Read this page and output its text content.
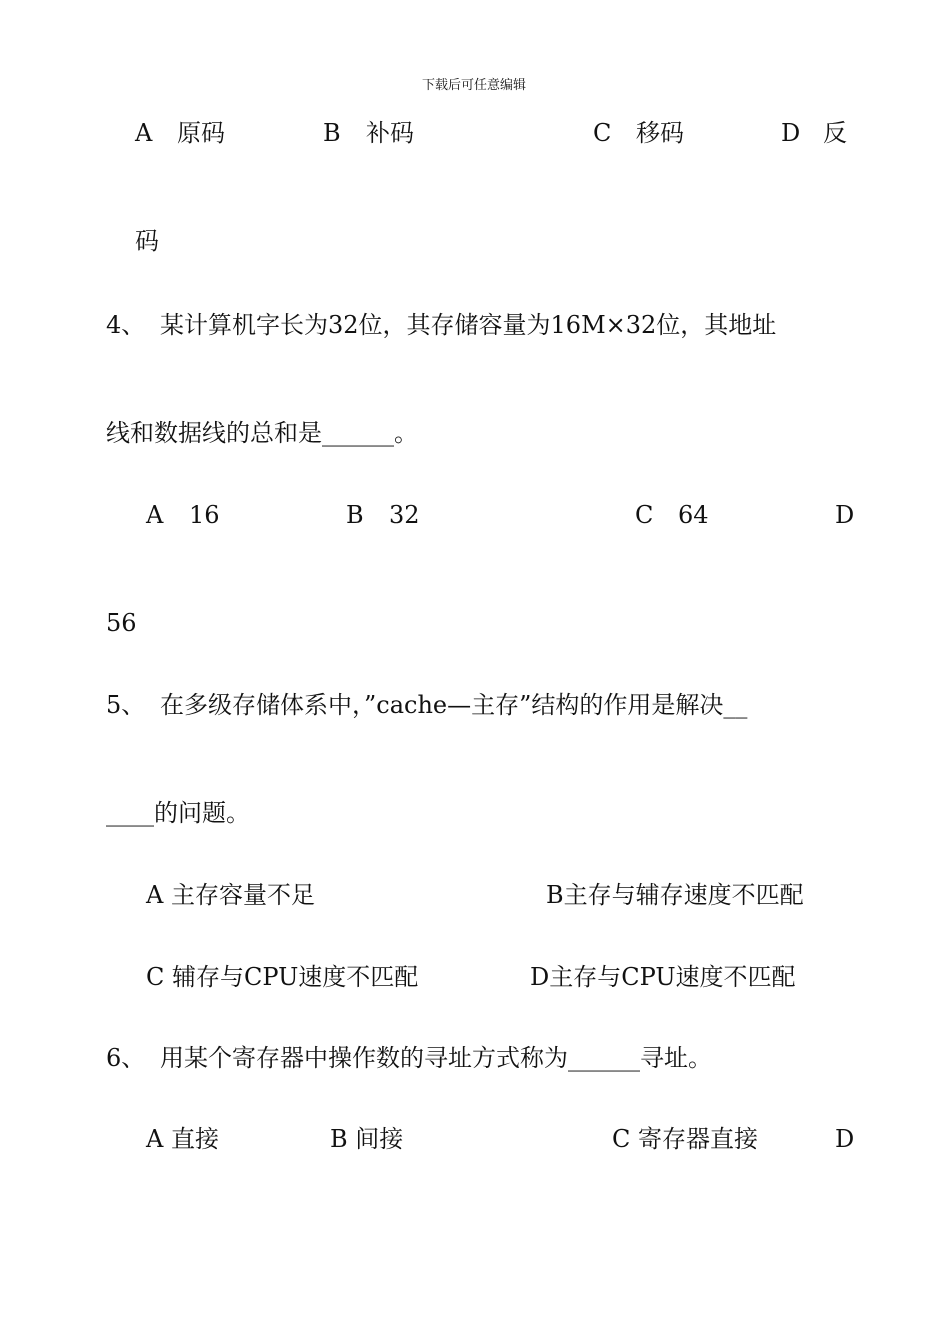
下载后可任意编辑
A 原码	B 补码	C 移码	D 反
码
4、 某计算机字长为32位，其存储容量为16M×32位，其地址
线和数据线的总和是______。
A 16	B 32	C 64	D
56
5、 在多级存储体系中，”cache—主存”结构的作用是解决__
____的问题。
A 主存容量不足	B主存与辅存速度不匹配
C 辅存与CPU速度不匹配	D主存与CPU速度不匹配
6、 用某个寄存器中操作数的寻址方式称为______寻址。
A 直接	B 间接	C 寄存器直接	D
